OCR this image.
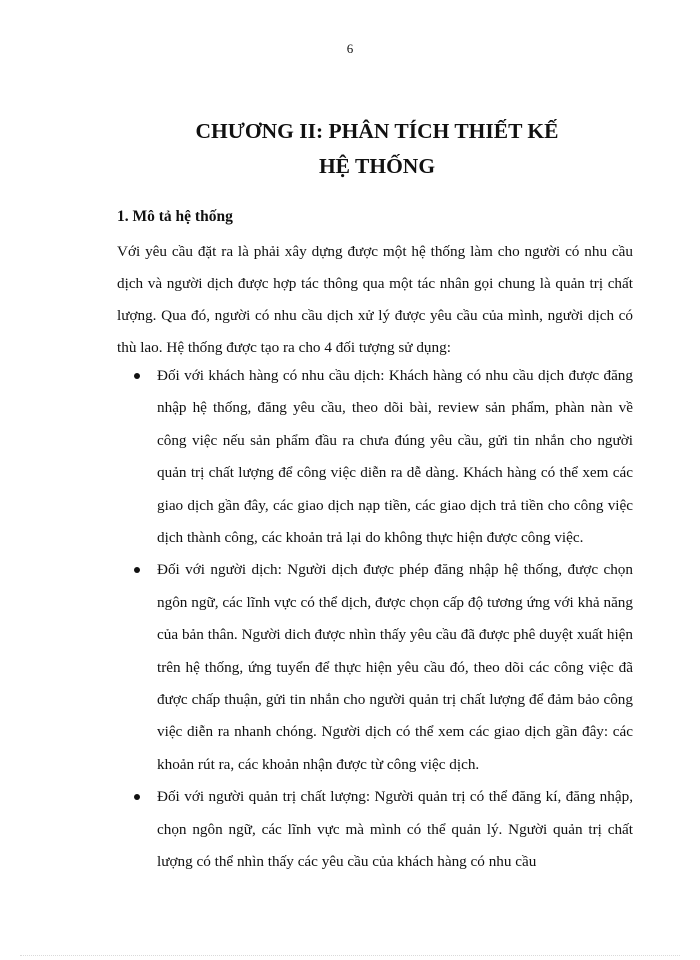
6
CHƯƠNG II: PHÂN TÍCH THIẾT KẾ
HỆ THỐNG
1. Mô tả hệ thống

Với yêu cầu đặt ra là phải xây dựng được một hệ thống làm cho người có nhu cầu dịch và người dịch được hợp tác thông qua một tác nhân gọi chung là quản trị chất lượng. Qua đó, người có nhu cầu dịch xử lý được yêu cầu của mình, người dịch có thù lao. Hệ thống được tạo ra cho 4 đối tượng sử dụng:

Đối với khách hàng có nhu cầu dịch: Khách hàng có nhu cầu dịch được đăng nhập hệ thống, đăng yêu cầu, theo dõi bài, review sản phẩm, phàn nàn về công việc nếu sản phẩm đầu ra chưa đúng yêu cầu, gửi tin nhắn cho người quản trị chất lượng để công việc diễn ra dễ dàng. Khách hàng có thể xem các giao dịch gần đây, các giao dịch nạp tiền, các giao dịch trả tiền cho công việc dịch thành công, các khoản trả lại do không thực hiện được công việc.
Đối với người dịch: Người dịch được phép đăng nhập hệ thống, được chọn ngôn ngữ, các lĩnh vực có thể dịch, được chọn cấp độ tương ứng với khả năng của bản thân. Người dich được nhìn thấy yêu cầu đã được phê duyệt xuất hiện trên hệ thống, ứng tuyển để thực hiện yêu cầu đó, theo dõi các công việc đã được chấp thuận, gửi tin nhắn cho người quản trị chất lượng để đảm bảo công việc diễn ra nhanh chóng. Người dịch có thể xem các giao dịch gần đây: các khoản rút ra, các khoản nhận được từ công việc dịch.
Đối với người quản trị chất lượng: Người quản trị có thể đăng kí, đăng nhập, chọn ngôn ngữ, các lĩnh vực mà mình có thể quản lý. Người quản trị chất lượng có thể nhìn thấy các yêu cầu của khách hàng có nhu cầu
